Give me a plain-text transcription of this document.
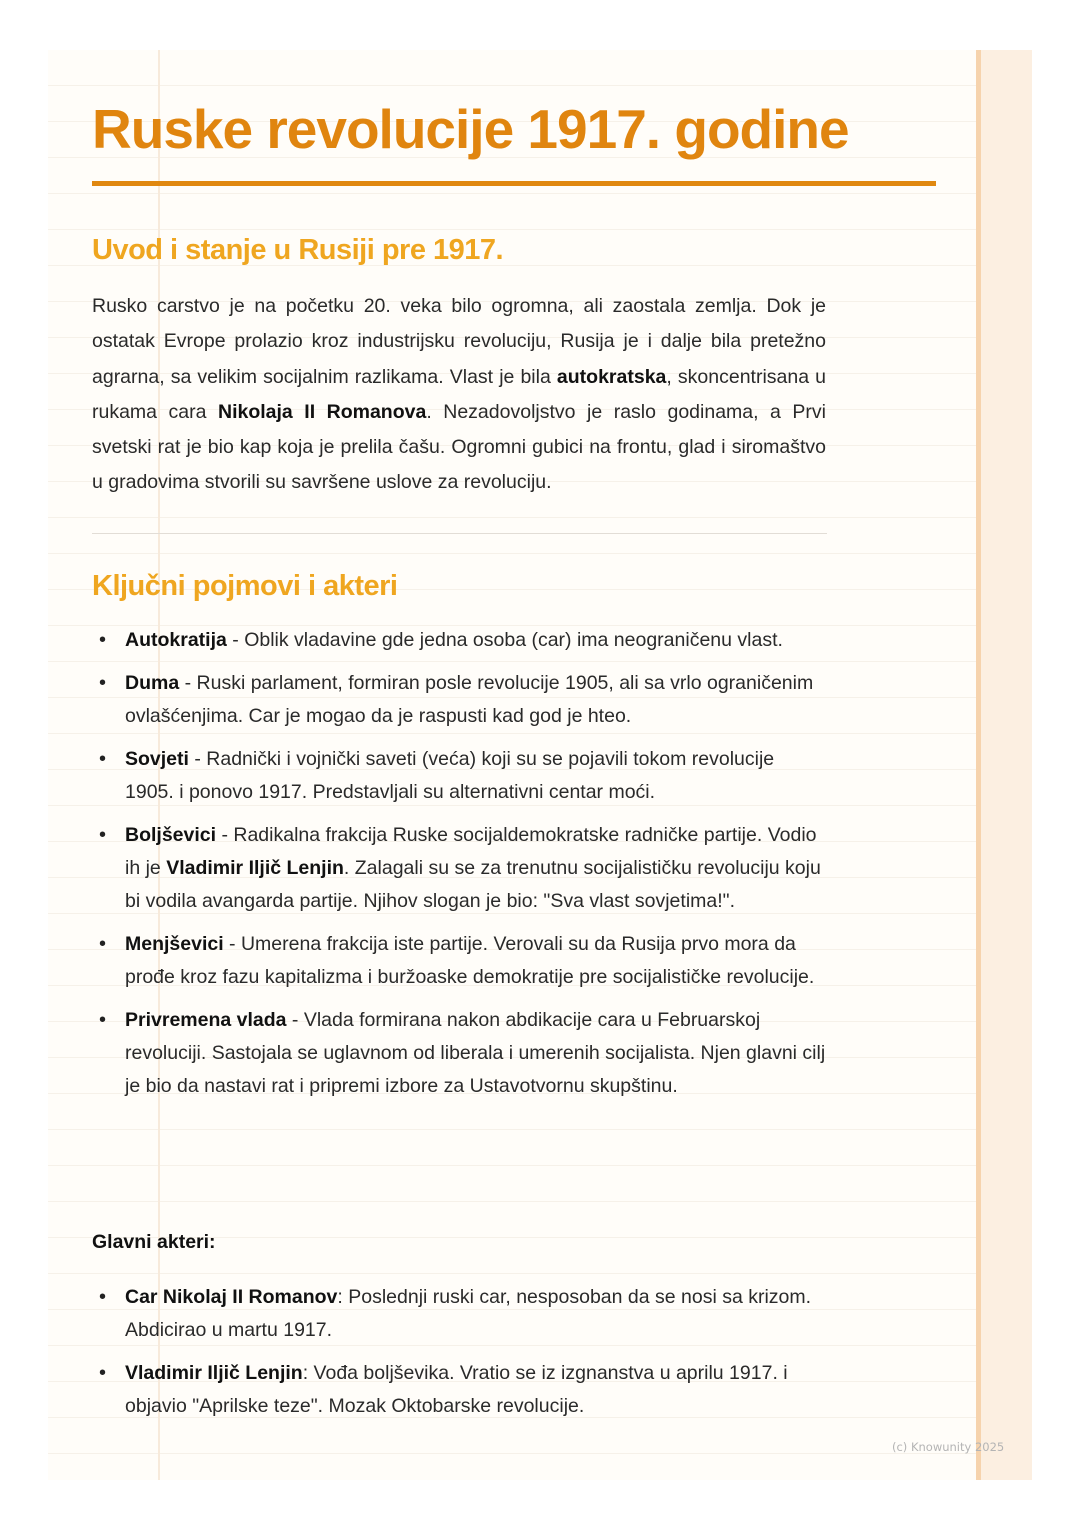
Ruske revolucije 1917. godine
Uvod i stanje u Rusiji pre 1917.

Rusko carstvo je na početku 20. veka bilo ogromna, ali zaostala zemlja. Dok je ostatak Evrope prolazio kroz industrijsku revoluciju, Rusija je i dalje bila pretežno agrarna, sa velikim socijalnim razlikama. Vlast je bila autokratska, skoncentrisana u rukama cara Nikolaja II Romanova. Nezadovoljstvo je raslo godinama, a Prvi svetski rat je bio kap koja je prelila čašu. Ogromni gubici na frontu, glad i siromaštvo u gradovima stvorili su savršene uslove za revoluciju.

Ključni pojmovi i akteri
• Autokratija - Oblik vladavine gde jedna osoba (car) ima neograničenu vlast.
• Duma - Ruski parlament, formiran posle revolucije 1905, ali sa vrlo ograničenim ovlašćenjima. Car je mogao da je raspusti kad god je hteo.
• Sovjeti - Radnički i vojnički saveti (veća) koji su se pojavili tokom revolucije 1905. i ponovo 1917. Predstavljali su alternativni centar moći.
• Boljševici - Radikalna frakcija Ruske socijaldemokratske radničke partije. Vodio ih je Vladimir Iljič Lenjin. Zalagali su se za trenutnu socijalističku revoluciju koju bi vodila avangarda partije. Njihov slogan je bio: "Sva vlast sovjetima!".
• Menjševici - Umerena frakcija iste partije. Verovali su da Rusija prvo mora da prođe kroz fazu kapitalizma i buržoaske demokratije pre socijalističke revolucije.
• Privremena vlada - Vlada formirana nakon abdikacije cara u Februarskoj revoluciji. Sastojala se uglavnom od liberala i umerenih socijalista. Njen glavni cilj je bio da nastavi rat i pripremi izbore za Ustavotvornu skupštinu.
Glavni akteri:
• Car Nikolaj II Romanov: Poslednji ruski car, nesposoban da se nosi sa krizom. Abdicirao u martu 1917.
• Vladimir Iljič Lenjin: Vođa boljševika. Vratio se iz izgnanstva u aprilu 1917. i objavio "Aprilske teze". Mozak Oktobarske revolucije.
(c) Knowunity 2025
